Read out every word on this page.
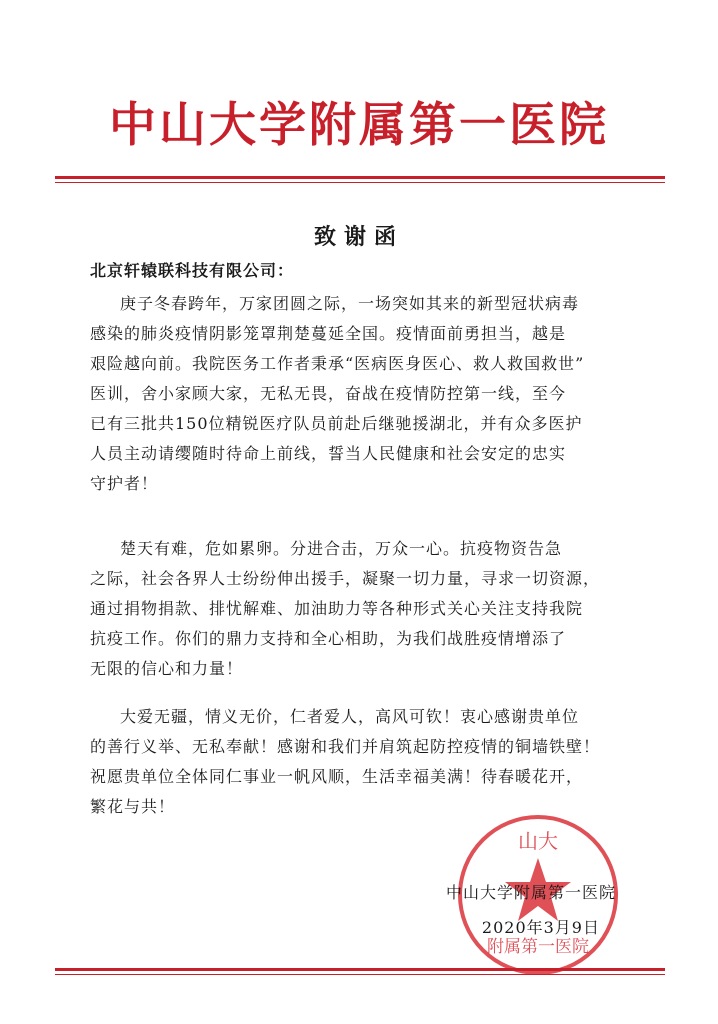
中山大学附属第一医院
致谢函
北京轩辕联科技有限公司：
庚子冬春跨年，万家团圆之际，一场突如其来的新型冠状病毒
感染的肺炎疫情阴影笼罩荆楚蔓延全国。疫情面前勇担当，越是
艰险越向前。我院医务工作者秉承“医病医身医心、救人救国救世”
医训，舍小家顾大家，无私无畏，奋战在疫情防控第一线，至今
已有三批共150位精锐医疗队员前赴后继驰援湖北，并有众多医护
人员主动请缨随时待命上前线，誓当人民健康和社会安定的忠实
守护者！
楚天有难，危如累卵。分进合击，万众一心。抗疫物资告急
之际，社会各界人士纷纷伸出援手，凝聚一切力量，寻求一切资源，
通过捐物捐款、排忧解难、加油助力等各种形式关心关注支持我院
抗疫工作。你们的鼎力支持和全心相助，为我们战胜疫情增添了
无限的信心和力量！
大爱无疆，情义无价，仁者爱人，高风可钦！衷心感谢贵单位
的善行义举、无私奉献！感谢和我们并肩筑起防控疫情的铜墙铁壁！
祝愿贵单位全体同仁事业一帆风顺，生活幸福美满！待春暖花开，
繁花与共！
山大
附属第一医院
中山大学附属第一医院
2020年3月9日
